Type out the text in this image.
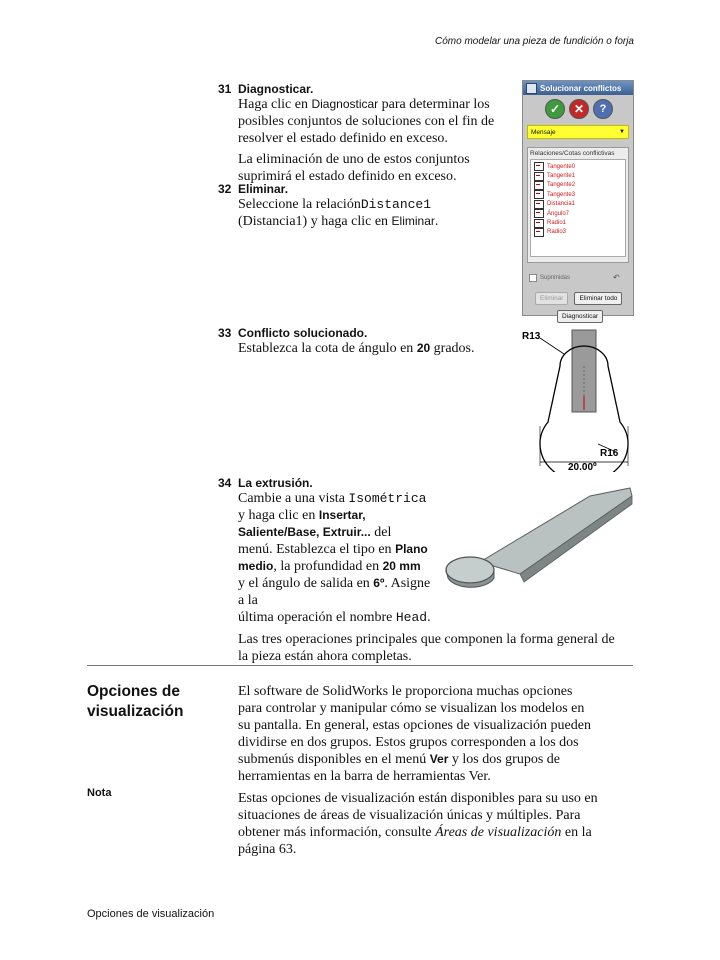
Cómo modelar una pieza de fundición o forja
31 Diagnosticar.
Haga clic en Diagnosticar para determinar los
posibles conjuntos de soluciones con el fin de
resolver el estado definido en exceso.
La eliminación de uno de estos conjuntos
suprimirá el estado definido en exceso.
32 Eliminar.
Seleccione la relaciónDistance1
(Distancia1) y haga clic en Eliminar.
33 Conflicto solucionado.
Establezca la cota de ángulo en 20 grados.
34 La extrusión.
Cambie a una vista Isométrica
y haga clic en Insertar,
Saliente/Base, Extruir... del
menú. Establezca el tipo en Plano
medio, la profundidad en 20 mm
y el ángulo de salida en 6º. Asigne
a la
última operación el nombre Head.
Las tres operaciones principales que componen la forma general de
la pieza están ahora completas.
Opciones de
visualización
El software de SolidWorks le proporciona muchas opciones
para controlar y manipular cómo se visualizan los modelos en
su pantalla. En general, estas opciones de visualización pueden
dividirse en dos grupos. Estos grupos corresponden a los dos
submenús disponibles en el menú Ver y los dos grupos de
herramientas en la barra de herramientas Ver.
Nota	Estas opciones de visualización están disponibles para su uso en
situaciones de áreas de visualización únicas y múltiples. Para
obtener más información, consulte Áreas de visualización en la
página 63.
Opciones de visualización
Solucionar conflictos
✓	✕	?
Mensaje	▼
Relaciones/Cotas conflictivas
Tangente0
Tangente1
Tangente2
Tangente3
Distancia1
Ángulo7
Radio1
Radio3
Suprimidas	↶
Eliminar	Eliminar todo
Diagnosticar
R13
R16
20.00º
